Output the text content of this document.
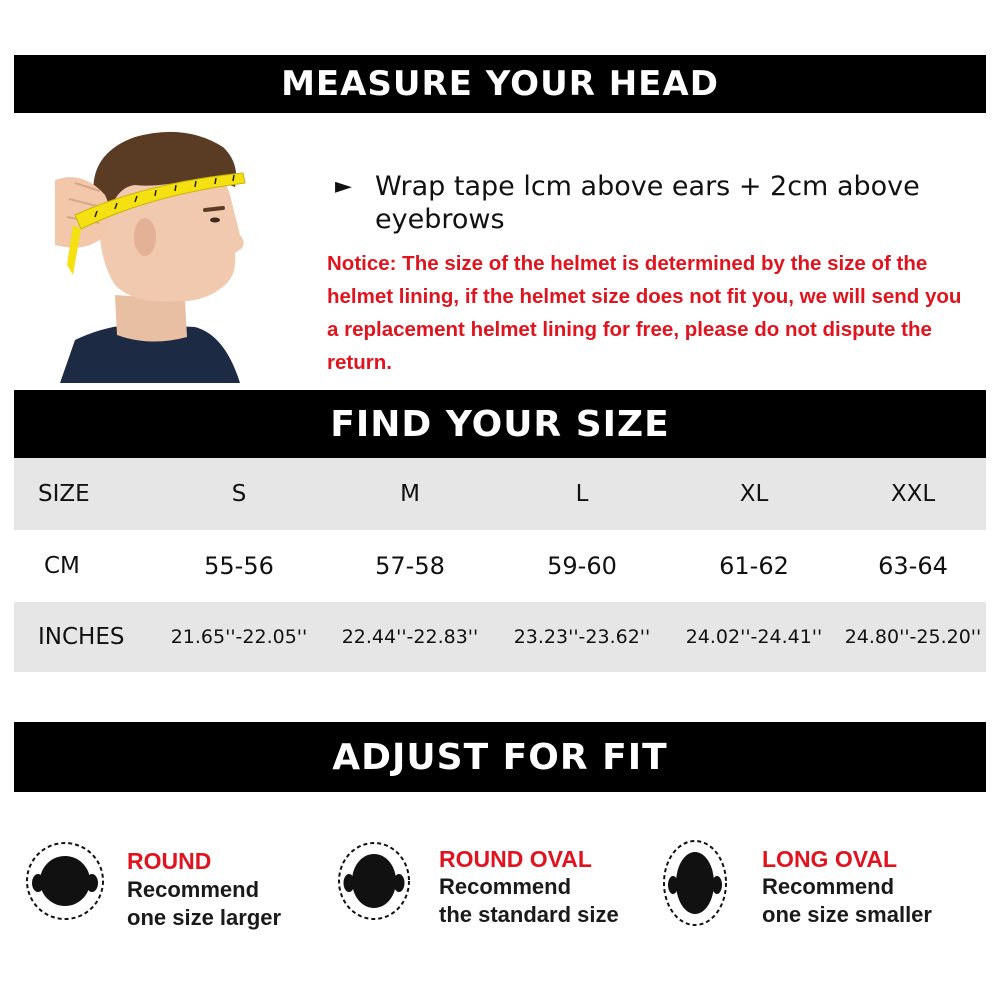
MEASURE YOUR HEAD
► Wrap tape lcm above ears + 2cm above eyebrows
Notice: The size of the helmet is determined by the size of the helmet lining, if the helmet size does not fit you, we will send you a replacement helmet lining for free, please do not dispute the return.
FIND YOUR SIZE
SIZE	S	M	L	XL	XXL
CM	55-56	57-58	59-60	61-62	63-64
INCHES	21.65''-22.05''	22.44''-22.83''	23.23''-23.62''	24.02''-24.41''	24.80''-25.20''
ADJUST FOR FIT
ROUND
Recommend
one size larger
ROUND OVAL
Recommend
the standard size
LONG OVAL
Recommend
one size smaller
